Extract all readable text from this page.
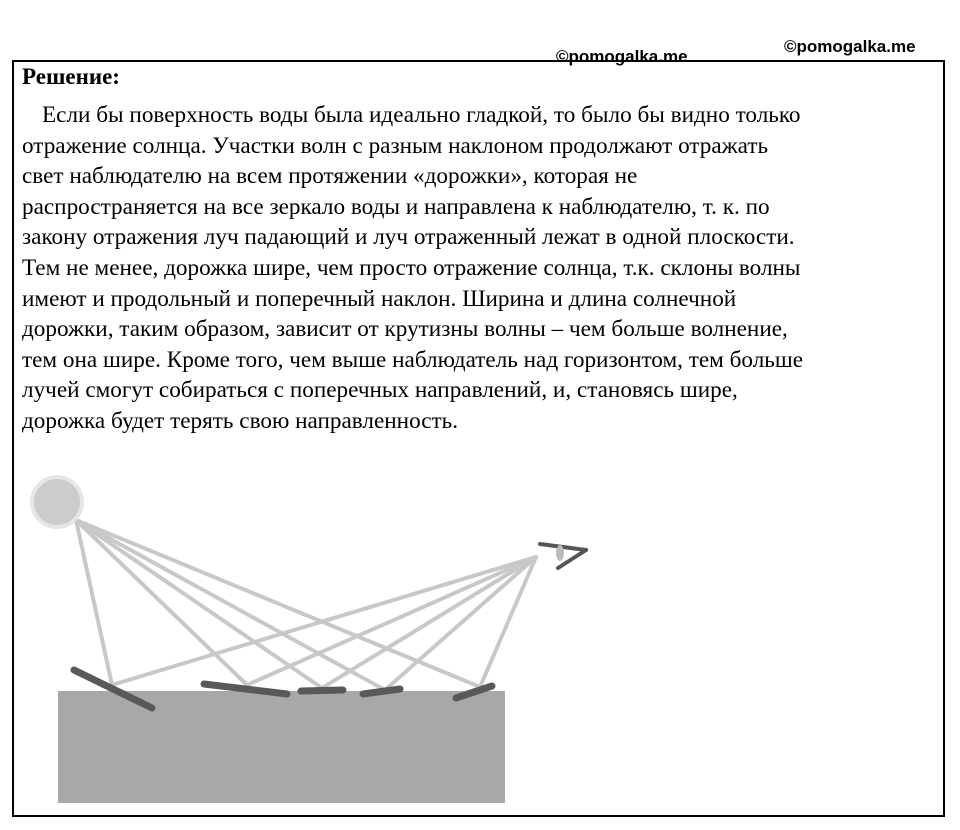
©pomogalka.me
©pomogalka.me
Решение:
Если бы поверхность воды была идеально гладкой, то было бы видно только
отражение солнца. Участки волн с разным наклоном продолжают отражать
свет наблюдателю на всем протяжении «дорожки», которая не
распространяется на все зеркало воды и направлена к наблюдателю, т. к. по
закону отражения луч падающий и луч отраженный лежат в одной плоскости.
Тем не менее, дорожка шире, чем просто отражение солнца, т.к. склоны волны
имеют и продольный и поперечный наклон. Ширина и длина солнечной
дорожки, таким образом, зависит от крутизны волны – чем больше волнение,
тем она шире. Кроме того, чем выше наблюдатель над горизонтом, тем больше
лучей смогут собираться с поперечных направлений, и, становясь шире,
дорожка будет терять свою направленность.
